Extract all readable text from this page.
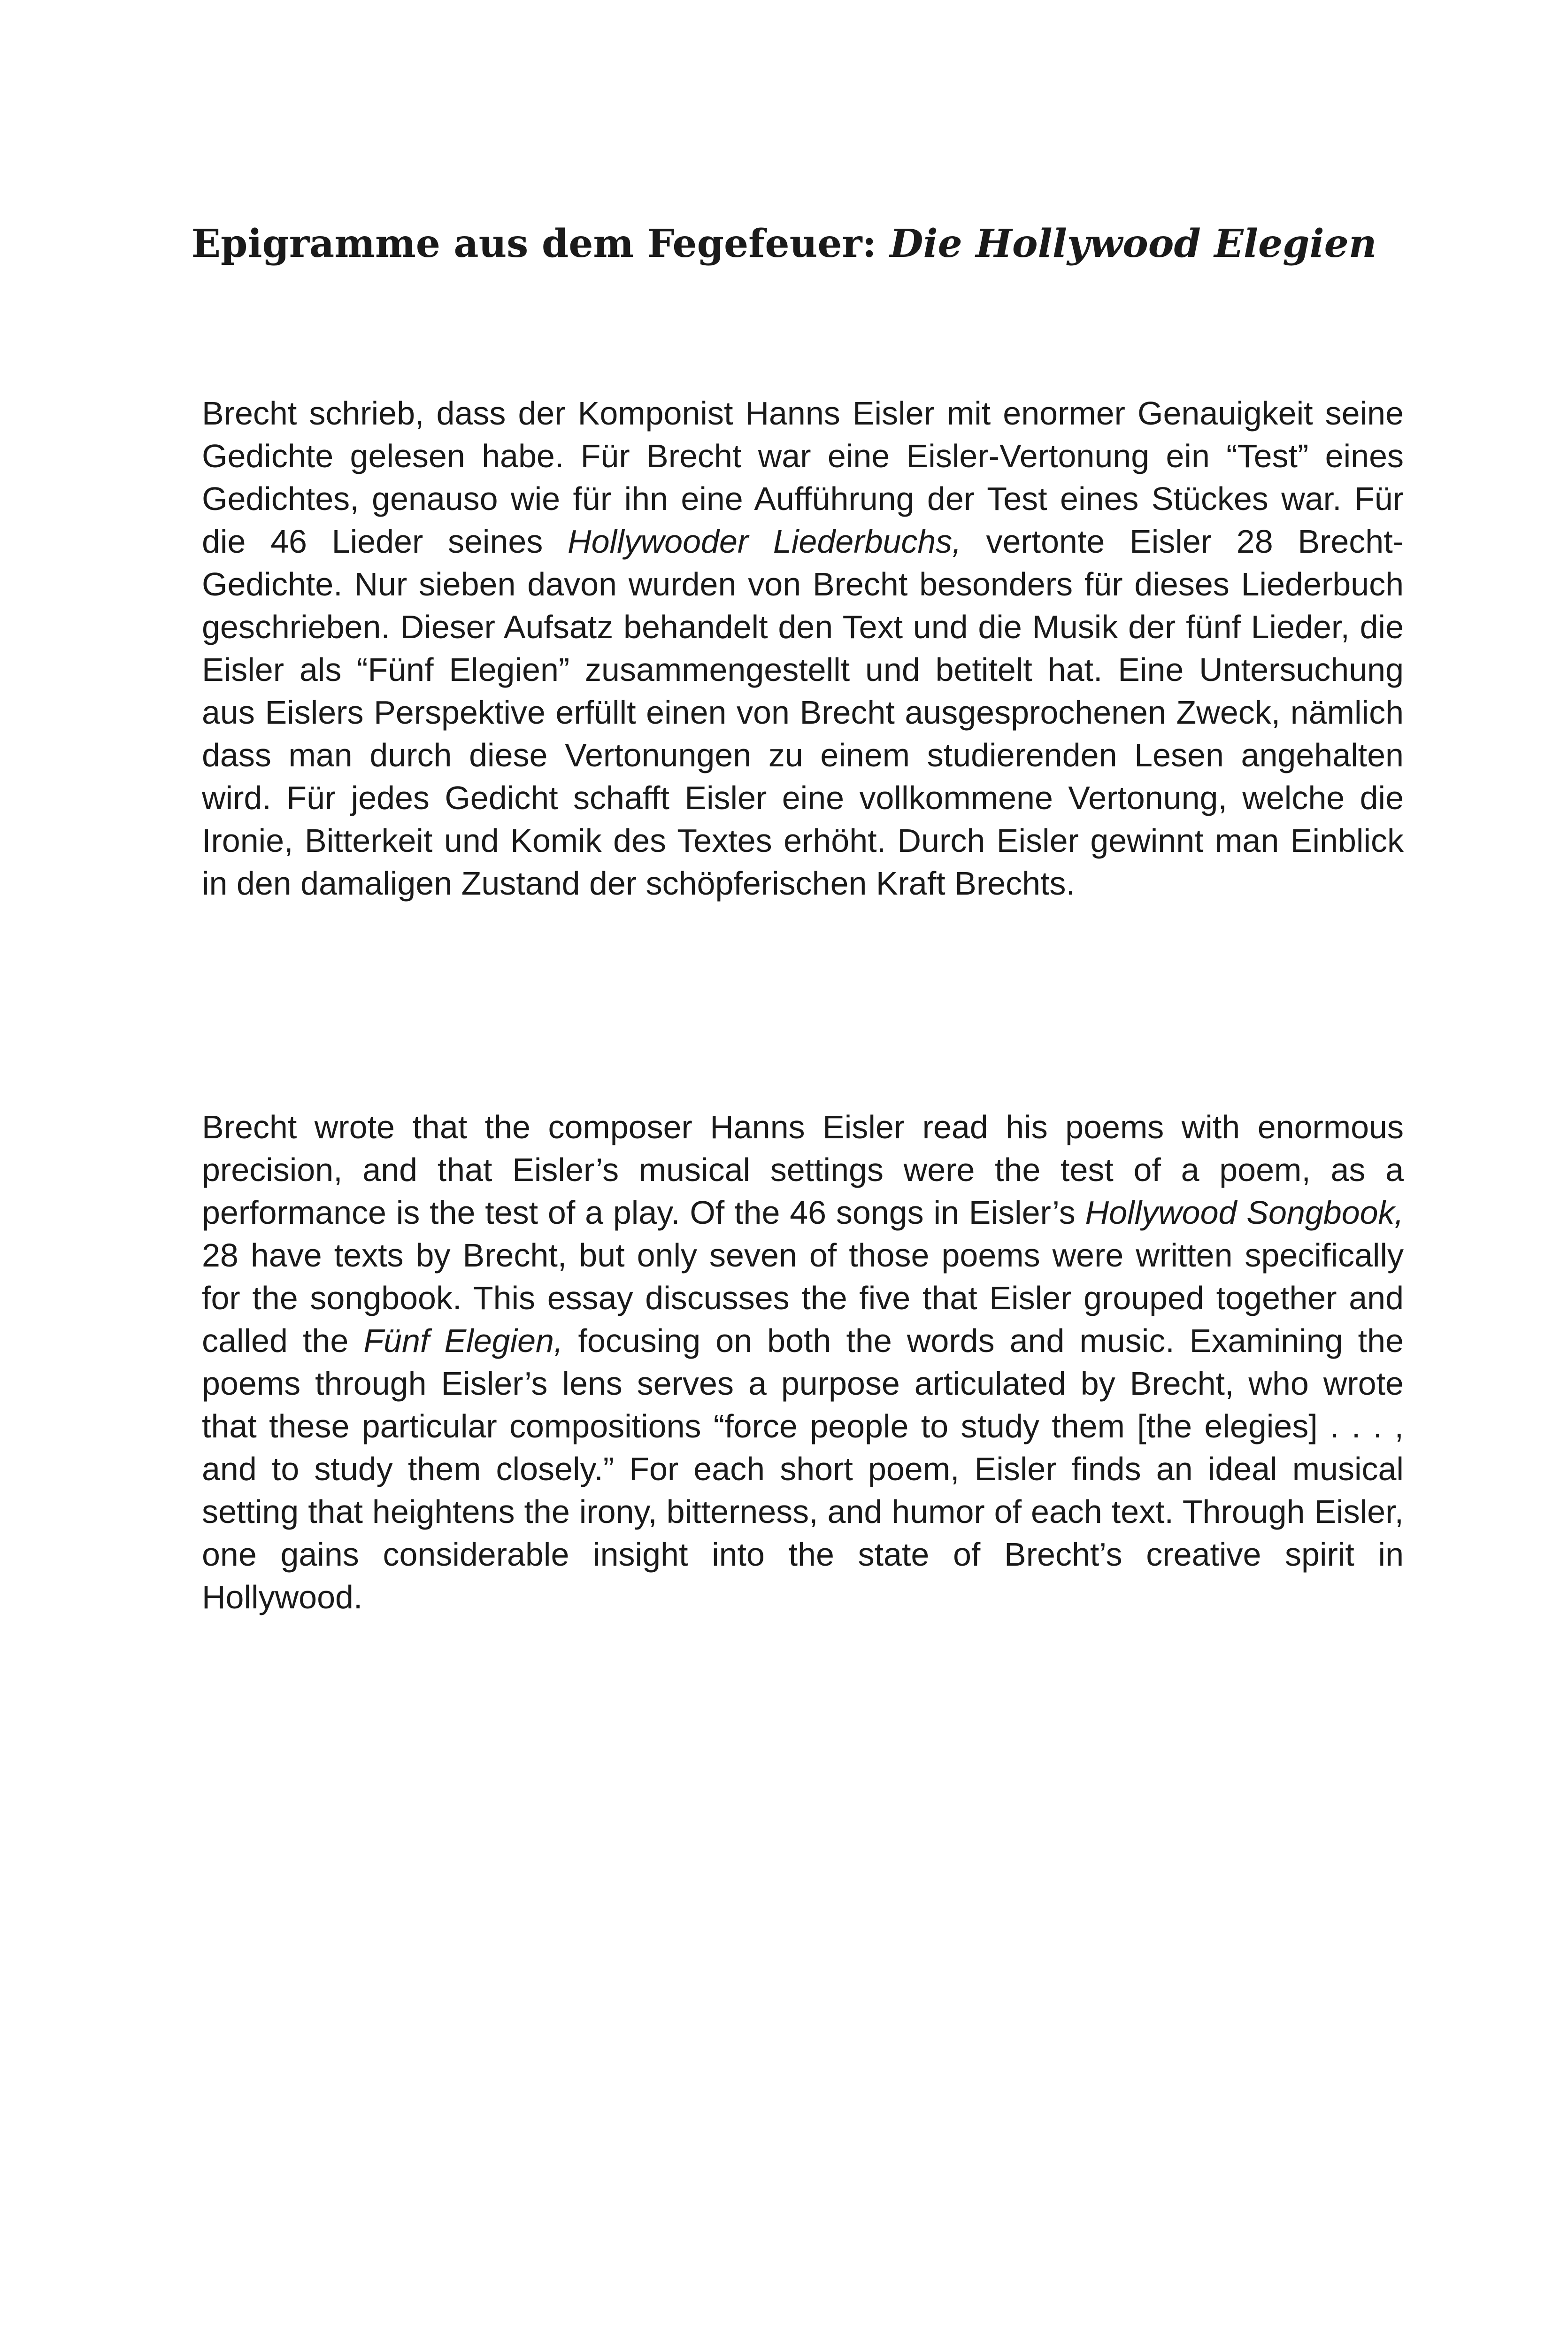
Epigramme aus dem Fegefeuer: Die Hollywood Elegien

Brecht schrieb, dass der Komponist Hanns Eisler mit enormer Genauigkeit seine Gedichte gelesen habe. Für Brecht war eine Eisler-Vertonung ein “Test” eines Gedichtes, genauso wie für ihn eine Aufführung der Test eines Stückes war. Für die 46 Lieder seines Hollywooder Liederbuchs, vertonte Eisler 28 Brecht-Gedichte. Nur sieben davon wurden von Brecht besonders für dieses Liederbuch geschrieben. Dieser Aufsatz behandelt den Text und die Musik der fünf Lieder, die Eisler als “Fünf Elegien” zusammengestellt und betitelt hat. Eine Untersuchung aus Eislers Perspektive erfüllt einen von Brecht ausgesprochenen Zweck, nämlich dass man durch diese Vertonungen zu einem studierenden Lesen angehalten wird. Für jedes Gedicht schafft Eisler eine vollkommene Vertonung, welche die Ironie, Bitterkeit und Komik des Textes erhöht. Durch Eisler gewinnt man Einblick in den damaligen Zustand der schöpferischen Kraft Brechts.

Brecht wrote that the composer Hanns Eisler read his poems with enormous precision, and that Eisler’s musical settings were the test of a poem, as a performance is the test of a play. Of the 46 songs in Eisler’s Hollywood Songbook, 28 have texts by Brecht, but only seven of those poems were written specifically for the songbook. This essay discusses the five that Eisler grouped together and called the Fünf Elegien, focusing on both the words and music. Examining the poems through Eisler’s lens serves a purpose articulated by Brecht, who wrote that these particular compositions “force people to study them [the elegies] . . . , and to study them closely.” For each short poem, Eisler finds an ideal musical setting that heightens the irony, bitterness, and humor of each text. Through Eisler, one gains considerable insight into the state of Brecht’s creative spirit in Hollywood.
